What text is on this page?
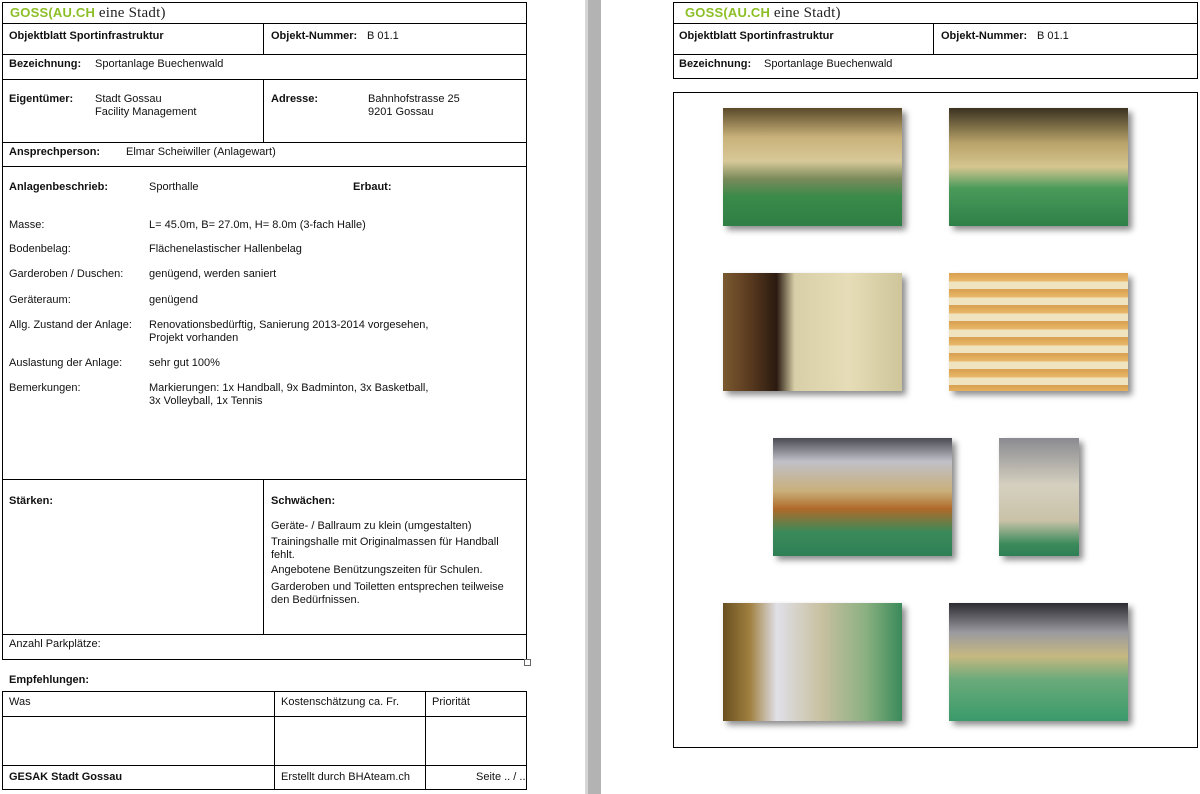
GOSS(AU.CH eine Stadt)
Objektblatt Sportinfrastruktur	Objekt-Nummer: B 01.1
Bezeichnung: Sportanlage Buechenwald
Eigentümer: Stadt Gossau
Facility Management
Adresse:	Bahnhofstrasse 25
9201 Gossau
Ansprechperson: Elmar Scheiwiller (Anlagewart)
Anlagenbeschrieb:	Sporthalle	Erbaut:
Masse:	L= 45.0m, B= 27.0m, H= 8.0m (3-fach Halle)
Bodenbelag:	Flächenelastischer Hallenbelag
Garderoben / Duschen: genügend, werden saniert
Geräteraum:	genügend
Allg. Zustand der Anlage: Renovationsbedürftig, Sanierung 2013-2014 vorgesehen,
Projekt vorhanden
Auslastung der Anlage: sehr gut 100%
Bemerkungen:	Markierungen: 1x Handball, 9x Badminton, 3x Basketball,
3x Volleyball, 1x Tennis
Stärken:	Schwächen:
Geräte- / Ballraum zu klein (umgestalten)
Trainingshalle mit Originalmassen für Handball
fehlt.
Angebotene Benützungszeiten für Schulen.
Garderoben und Toiletten entsprechen teilweise
den Bedürfnissen.
Anzahl Parkplätze:
Empfehlungen:
Was	Kostenschätzung ca. Fr.	Priorität
GESAK Stadt Gossau	Erstellt durch BHAteam.ch	Seite .. / ..
GOSS(AU.CH eine Stadt)
Objektblatt Sportinfrastruktur	Objekt-Nummer: B 01.1
Bezeichnung: Sportanlage Buechenwald
